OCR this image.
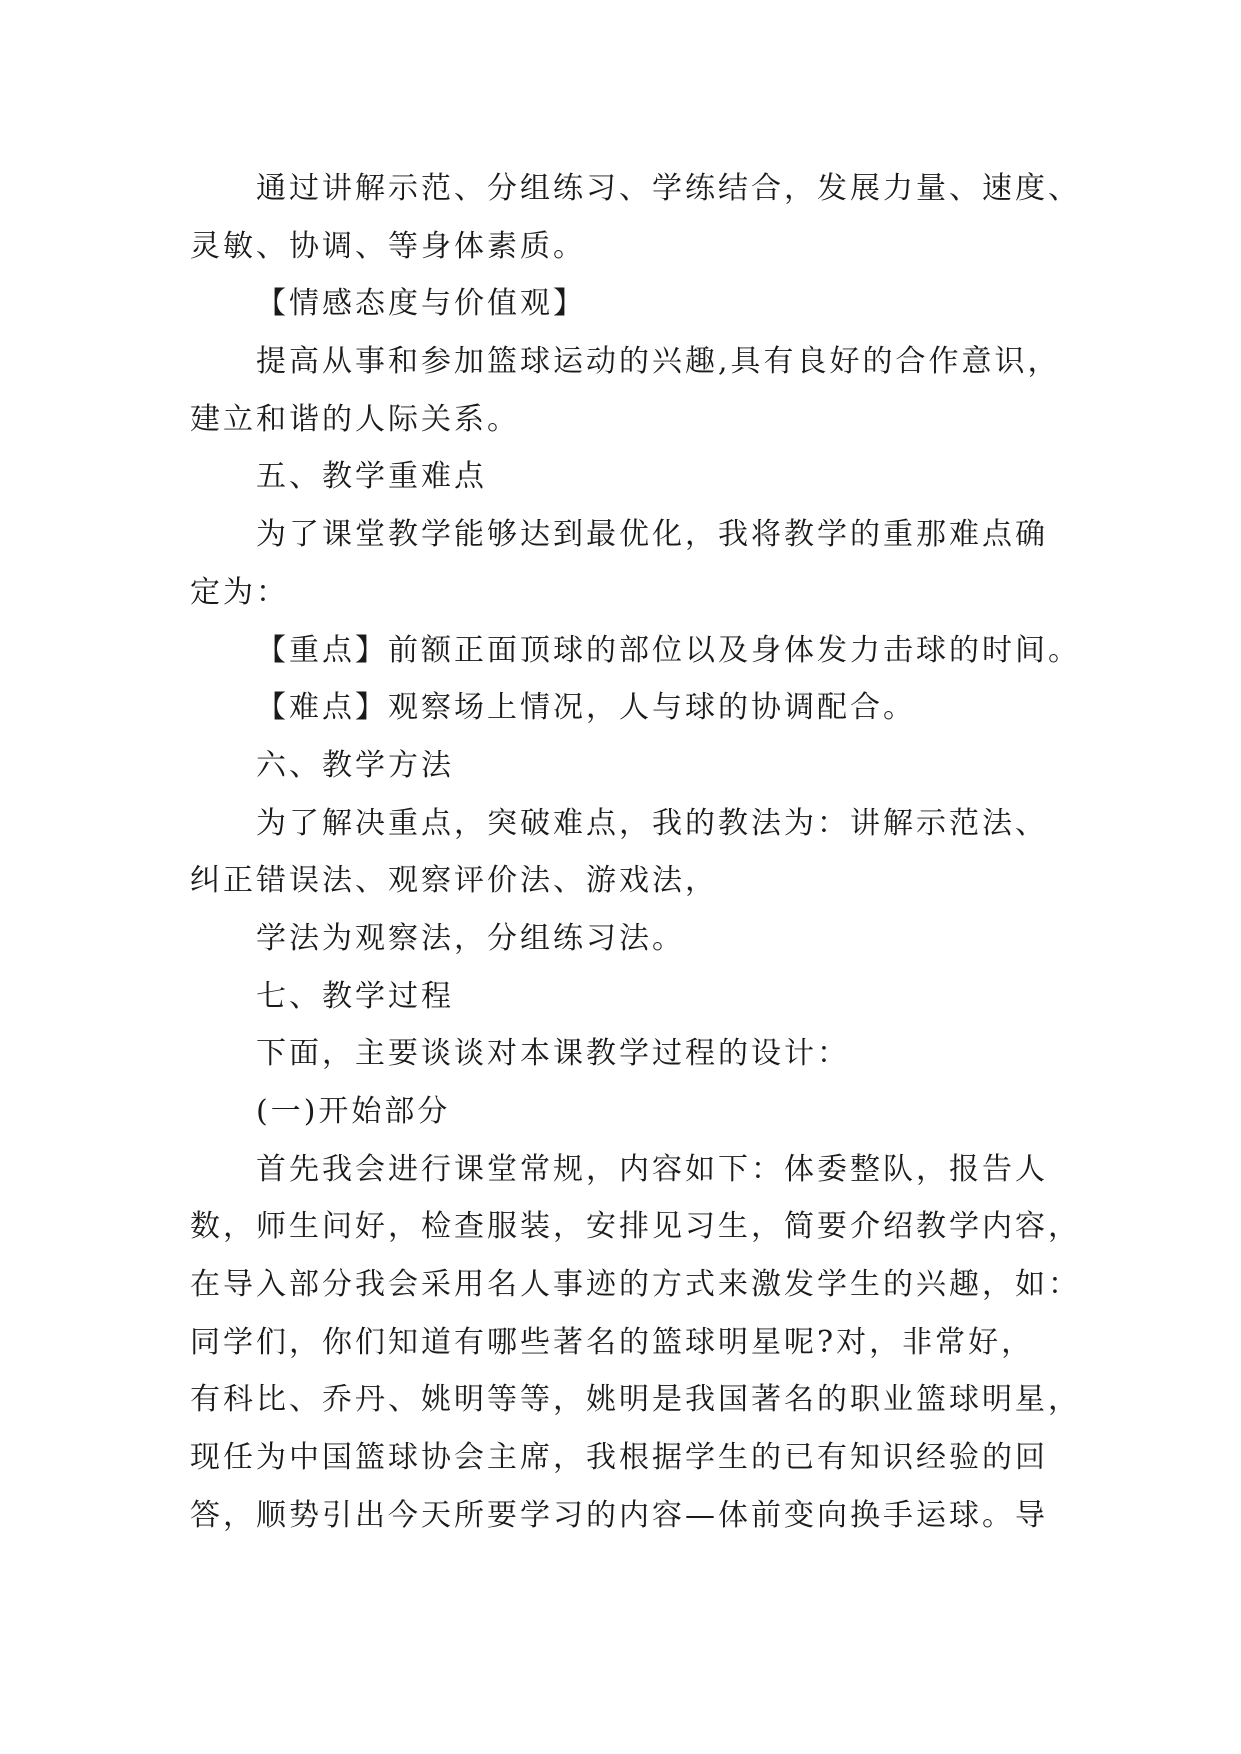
通过讲解示范、分组练习、学练结合，发展力量、速度、
灵敏、协调、等身体素质。
【情感态度与价值观】
提高从事和参加篮球运动的兴趣,具有良好的合作意识，
建立和谐的人际关系。
五、教学重难点
为了课堂教学能够达到最优化，我将教学的重那难点确
定为：
【重点】前额正面顶球的部位以及身体发力击球的时间。
【难点】观察场上情况，人与球的协调配合。
六、教学方法
为了解决重点，突破难点，我的教法为：讲解示范法、
纠正错误法、观察评价法、游戏法，
学法为观察法，分组练习法。
七、教学过程
下面，主要谈谈对本课教学过程的设计：
(一)开始部分
首先我会进行课堂常规，内容如下：体委整队，报告人
数，师生问好，检查服装，安排见习生，简要介绍教学内容，
在导入部分我会采用名人事迹的方式来激发学生的兴趣，如：
同学们，你们知道有哪些著名的篮球明星呢?对，非常好，
有科比、乔丹、姚明等等，姚明是我国著名的职业篮球明星，
现任为中国篮球协会主席，我根据学生的已有知识经验的回
答，顺势引出今天所要学习的内容—体前变向换手运球。导
